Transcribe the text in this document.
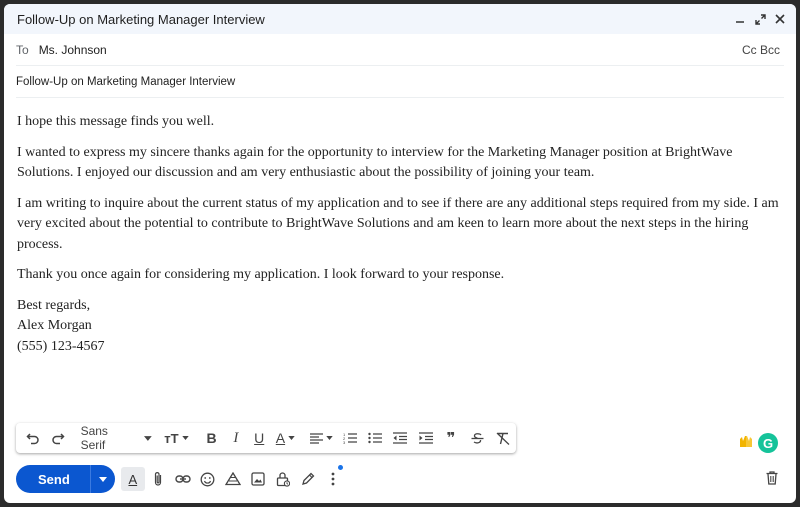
Follow-Up on Marketing Manager Interview
To Ms. Johnson	Cc Bcc
Follow-Up on Marketing Manager Interview

I hope this message finds you well.

I wanted to express my sincere thanks again for the opportunity to interview for the Marketing Manager position at BrightWave Solutions. I enjoyed our discussion and am very enthusiastic about the possibility of joining your team.

I am writing to inquire about the current status of my application and to see if there are any additional steps required from my side. I am very excited about the potential to contribute to BrightWave Solutions and am keen to learn more about the next steps in the hiring process.

Thank you once again for considering my application. I look forward to your response.

Best regards,
Alex Morgan
(555) 123-4567
Sans Serif	тT	B	I	U A	1
2
3	❞	G
Send	A
